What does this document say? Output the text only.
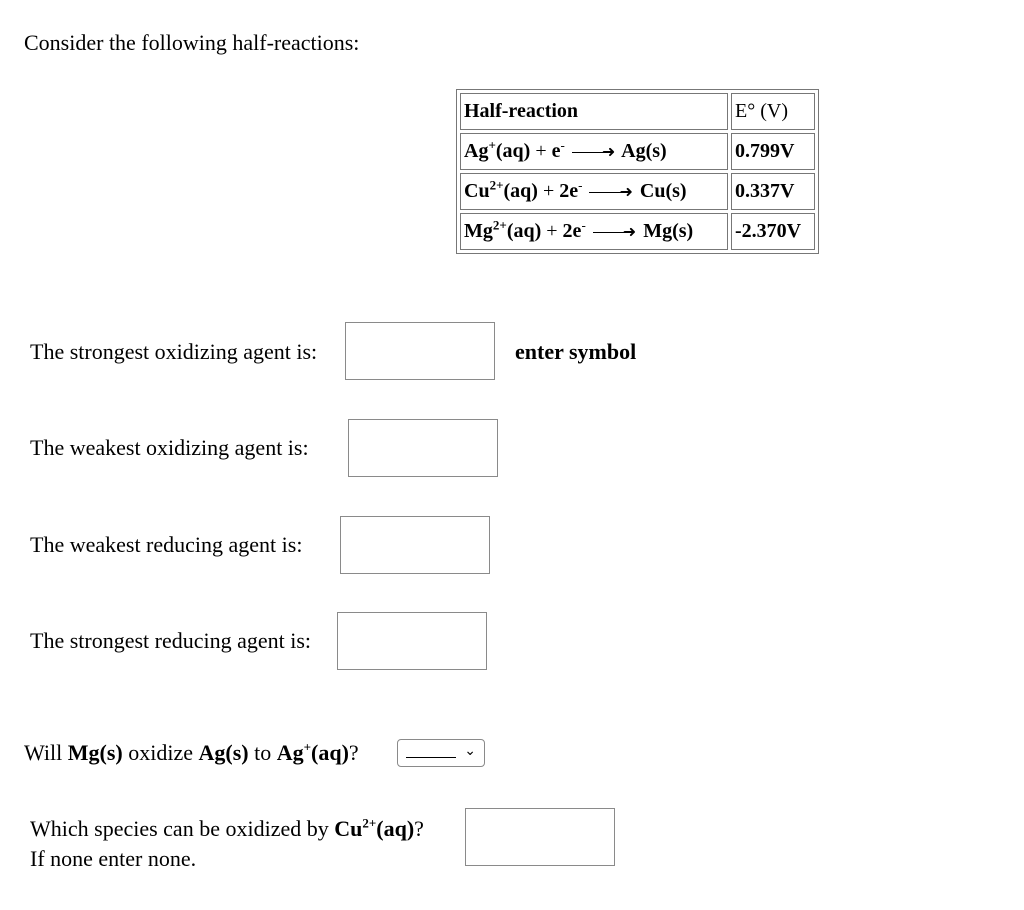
Consider the following half-reactions:
Half-reaction	E° (V)
Ag+(aq) + e- ➜ Ag(s)	0.799V
$Cu^{2+}(aq) + 2e^-$ ➜ Cu(s)	0.337V
$Mg^{2+}(aq) + 2e^-$ ➜ Mg(s)	-2.370V
The strongest oxidizing agent is:	enter symbol
The weakest oxidizing agent is:
The weakest reducing agent is:
The strongest reducing agent is:
Will Mg(s) oxidize Ag(s) to Ag+(aq)?	⌄
Which species can be oxidized by $Cu^{2+}(aq)$?
If none enter none.
